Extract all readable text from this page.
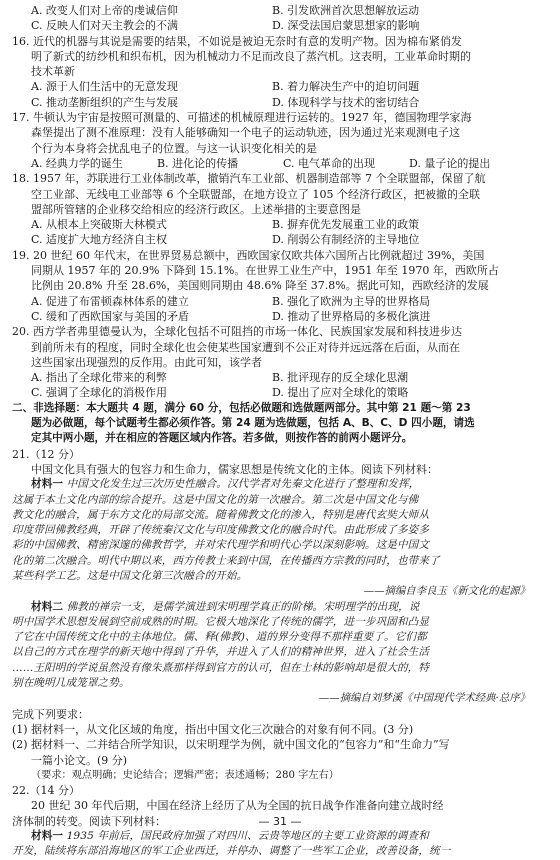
A. 改变人们对上帝的虔诚信仰	B. 引发欧洲首次思想解放运动
C. 反映人们对天主教会的不满	D. 深受法国启蒙思想家的影响
16. 近代的机器与其说是需要的结果，不如说是被迫无奈时有意的发明产物。因为棉布紧俏发
明了新式的纺纱机和织布机，因为机械动力不足而改良了蒸汽机。这表明，工业革命时期的
技术革新
A. 源于人们生活中的无意发现	B. 着力解决生产中的迫切问题
C. 推动垄断组织的产生与发展	D. 体现科学与技术的密切结合
17. 牛顿认为宇宙是按照可测量的、可描述的机械原理进行运转的。1927 年，德国物理学家海
森堡提出了测不准原理：没有人能够确知一个电子的运动轨迹，因为通过光来观测电子这
个行为本身将会扰乱电子的位置。与这一认识变化相关的是
A. 经典力学的诞生	B. 进化论的传播	C. 电气革命的出现	D. 量子论的提出
18. 1957 年，苏联进行工业体制改革，撤销汽车工业部、机器制造部等 7 个全联盟部，保留了航
空工业部、无线电工业部等 6 个全联盟部，在地方设立了 105 个经济行政区，把被撤的全联
盟部所管辖的企业移交给相应的经济行政区。上述举措的主要意图是
A. 从根本上突破斯大林模式	B. 摒弃优先发展重工业的政策
C. 适度扩大地方经济自主权	D. 削弱公有制经济的主导地位
19. 20 世纪 60 年代末，在世界贸易总额中，西欧国家仅欧共体六国所占比例就超过 39%，美国
同期从 1957 年的 20.9% 下降到 15.1%。在世界工业生产中，1951 年至 1970 年，西欧所占
比例由 20.8% 升至 28.6%，美国则同期由 48.6% 降至 37.8%。据此可知，西欧经济的发展
A. 促进了布雷顿森林体系的建立	B. 强化了欧洲为主导的世界格局
C. 缓和了西欧国家与美国的矛盾	D. 推动了世界格局的多极化演进
20. 西方学者弗里德曼认为，全球化包括不可阻挡的市场一体化、民族国家发展和科技进步达
到前所未有的程度，同时全球化也会使某些国家遭到不公正对待并远远落在后面，从而在
这些国家出现强烈的反作用。由此可知，该学者
A. 指出了全球化带来的利弊	B. 批评现存的反全球化思潮
C. 强调了全球化的消极作用	D. 提出了应对全球化的策略
二、非选择题：本大题共 4 题，满分 60 分，包括必做题和选做题两部分。其中第 21 题～第 23
题为必做题，每个试题考生都必须作答。第 24 题为选做题，包括 A、B、C、D 四小题，请选
定其中两小题，并在相应的答题区域内作答。若多做，则按作答的前两小题评分。
21.（12 分）
中国文化具有强大的包容力和生命力，儒家思想是传统文化的主体。阅读下列材料：
材料一 中国文化发生过三次历史性融合。汉代学者对先秦文化进行了整理和发挥，
这属于本土文化内部的综合提升。这是中国文化的第一次融合。第二次是中国文化与佛
教文化的融合，属于东方文化的局部交流。随着佛教文化的渗入，特别是唐代玄奘大师从
印度带回佛教经典，开辟了传统秦汉文化与印度佛教文化的融合时代。由此形成了多姿多
彩的中国佛教、精密深邃的佛教哲学，并对宋代理学和明代心学以深刻影响。这是中国文
化的第二次融合。明代中期以来，西方传教士来到中国，在传播西方宗教的同时，也带来了
某些科学工艺。这是中国文化第三次融合的开始。
——摘编自李良玉《新文化的起源》
材料二 佛教的禅宗一支，是儒学演进到宋明理学真正的阶梯。宋明理学的出现，说
明中国学术思想发展到空前成熟的时期。它极大地深化了传统的儒学，进一步巩固和凸显
了它在中国传统文化中的主体地位。儒、释(佛教)、道的界分变得不那样重要了。它们都
以自己的方式在理学的新天地中得到了升华，并进入了人们的精神世界，进入了社会生活
……王阳明的学说虽然没有像朱熹那样得到官方的认可，但在士林的影响却是很大的，特
别在晚明几成笼罩之势。
——摘编自刘梦溪《中国现代学术经典·总序》
完成下列要求：
(1) 据材料一，从文化区域的角度，指出中国文化三次融合的对象有何不同。(3 分)
(2) 据材料一、二并结合所学知识，以宋明理学为例，就中国文化的“包容力”和“生命力”写
一篇小论文。(9 分)
（要求：观点明确；史论结合；逻辑严密；表述通畅；280 字左右）
22.（14 分）
20 世纪 30 年代后期，中国在经济上经历了从为全国的抗日战争作准备向建立战时经
济体制的转变。阅读下列材料：
材料一 1935 年前后，国民政府加强了对四川、云贵等地区的主要工业资源的调查和
开发，陆续将东部沿海地区的军工企业西迁，并停办、调整了一些军工企业，改善设备，统一
— 31 —
